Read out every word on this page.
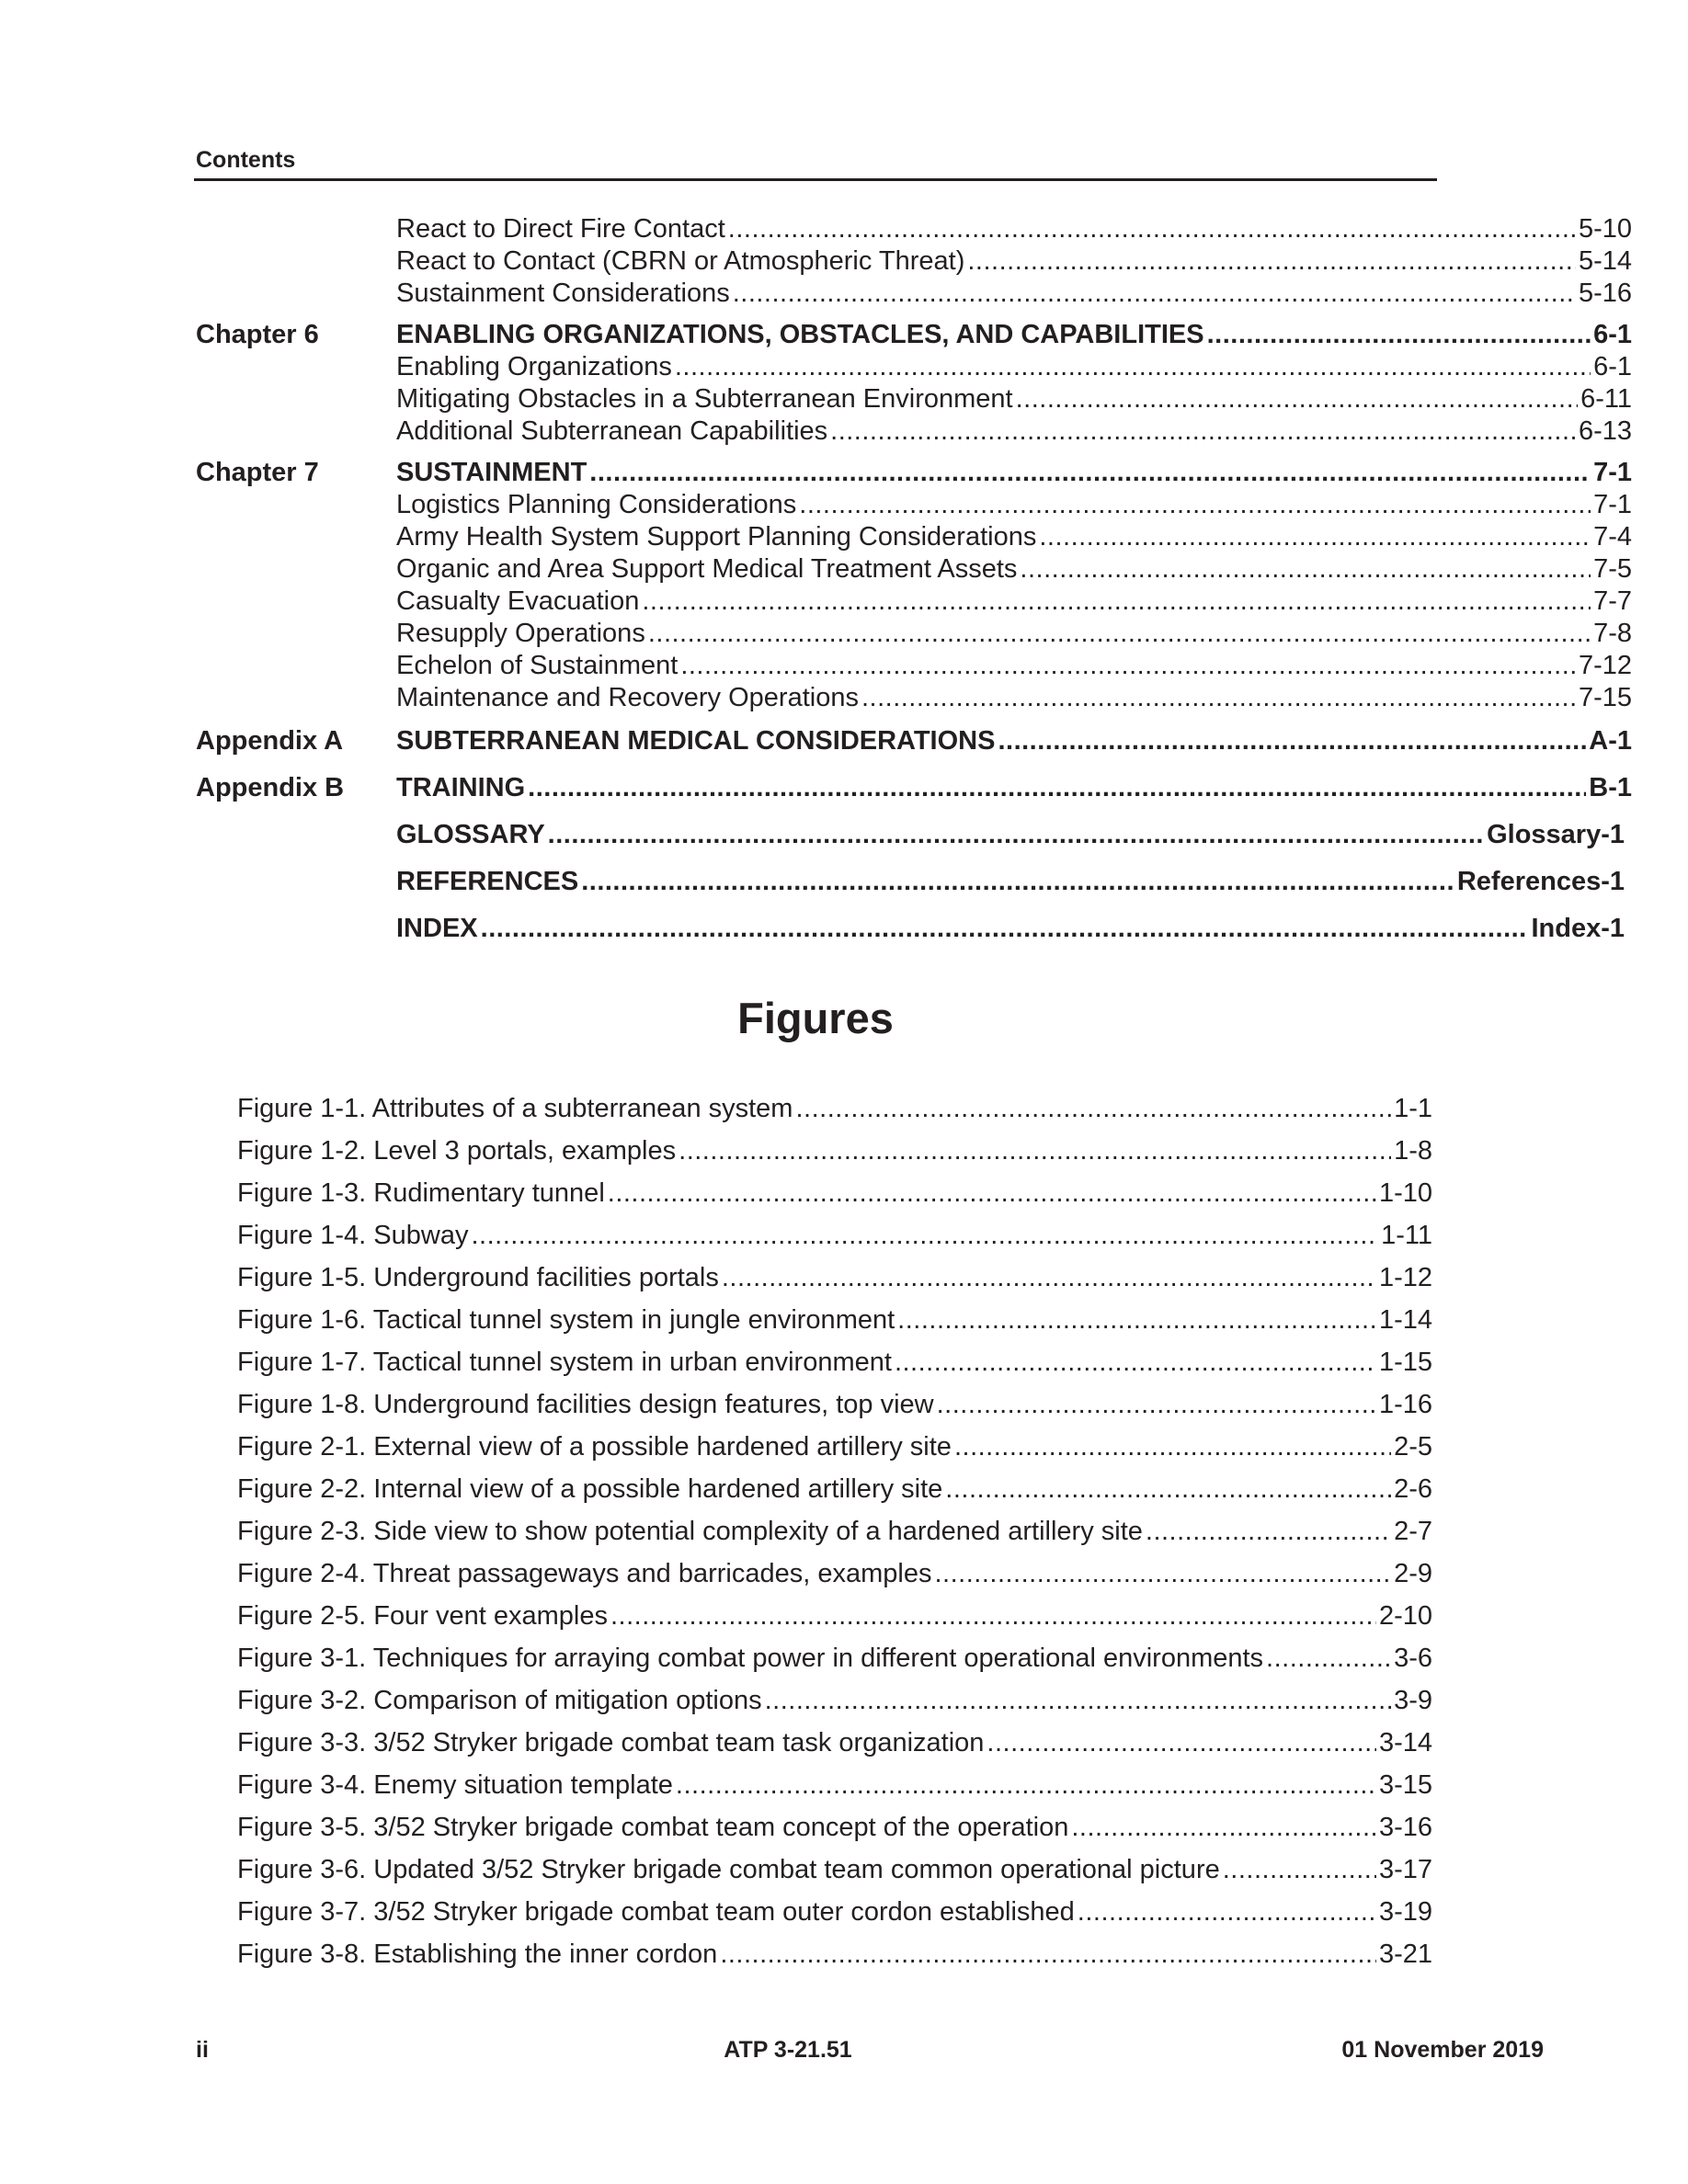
Contents
React to Direct Fire Contact .....	5-10
React to Contact (CBRN or Atmospheric Threat) .....	5-14
Sustainment Considerations .....	5-16
Chapter 6	ENABLING ORGANIZATIONS, OBSTACLES, AND CAPABILITIES .....	6-1
Enabling Organizations .....	6-1
Mitigating Obstacles in a Subterranean Environment .....	6-11
Additional Subterranean Capabilities .....	6-13
Chapter 7	SUSTAINMENT .....	7-1
Logistics Planning Considerations .....	7-1
Army Health System Support Planning Considerations .....	7-4
Organic and Area Support Medical Treatment Assets .....	7-5
Casualty Evacuation .....	7-7
Resupply Operations .....	7-8
Echelon of Sustainment .....	7-12
Maintenance and Recovery Operations .....	7-15
Appendix A SUBTERRANEAN MEDICAL CONSIDERATIONS .....	A-1
Appendix B TRAINING .....	B-1
GLOSSARY .....	Glossary-1
REFERENCES .....	References-1
INDEX .....	Index-1
Figures
Figure 1-1. Attributes of a subterranean system .....	1-1
Figure 1-2. Level 3 portals, examples .....	1-8
Figure 1-3. Rudimentary tunnel .....	1-10
Figure 1-4. Subway .....	1-11
Figure 1-5. Underground facilities portals .....	1-12
Figure 1-6. Tactical tunnel system in jungle environment .....	1-14
Figure 1-7. Tactical tunnel system in urban environment .....	1-15
Figure 1-8. Underground facilities design features, top view .....	1-16
Figure 2-1. External view of a possible hardened artillery site .....	2-5
Figure 2-2. Internal view of a possible hardened artillery site .....	2-6
Figure 2-3. Side view to show potential complexity of a hardened artillery site .....	2-7
Figure 2-4. Threat passageways and barricades, examples .....	2-9
Figure 2-5. Four vent examples .....	2-10
Figure 3-1. Techniques for arraying combat power in different operational environments .....	3-6
Figure 3-2. Comparison of mitigation options .....	3-9
Figure 3-3. 3/52 Stryker brigade combat team task organization .....	3-14
Figure 3-4. Enemy situation template .....	3-15
Figure 3-5. 3/52 Stryker brigade combat team concept of the operation .....	3-16
Figure 3-6. Updated 3/52 Stryker brigade combat team common operational picture .....	3-17
Figure 3-7. 3/52 Stryker brigade combat team outer cordon established .....	3-19
Figure 3-8. Establishing the inner cordon .....	3-21
ii	ATP 3-21.51	01 November 2019
